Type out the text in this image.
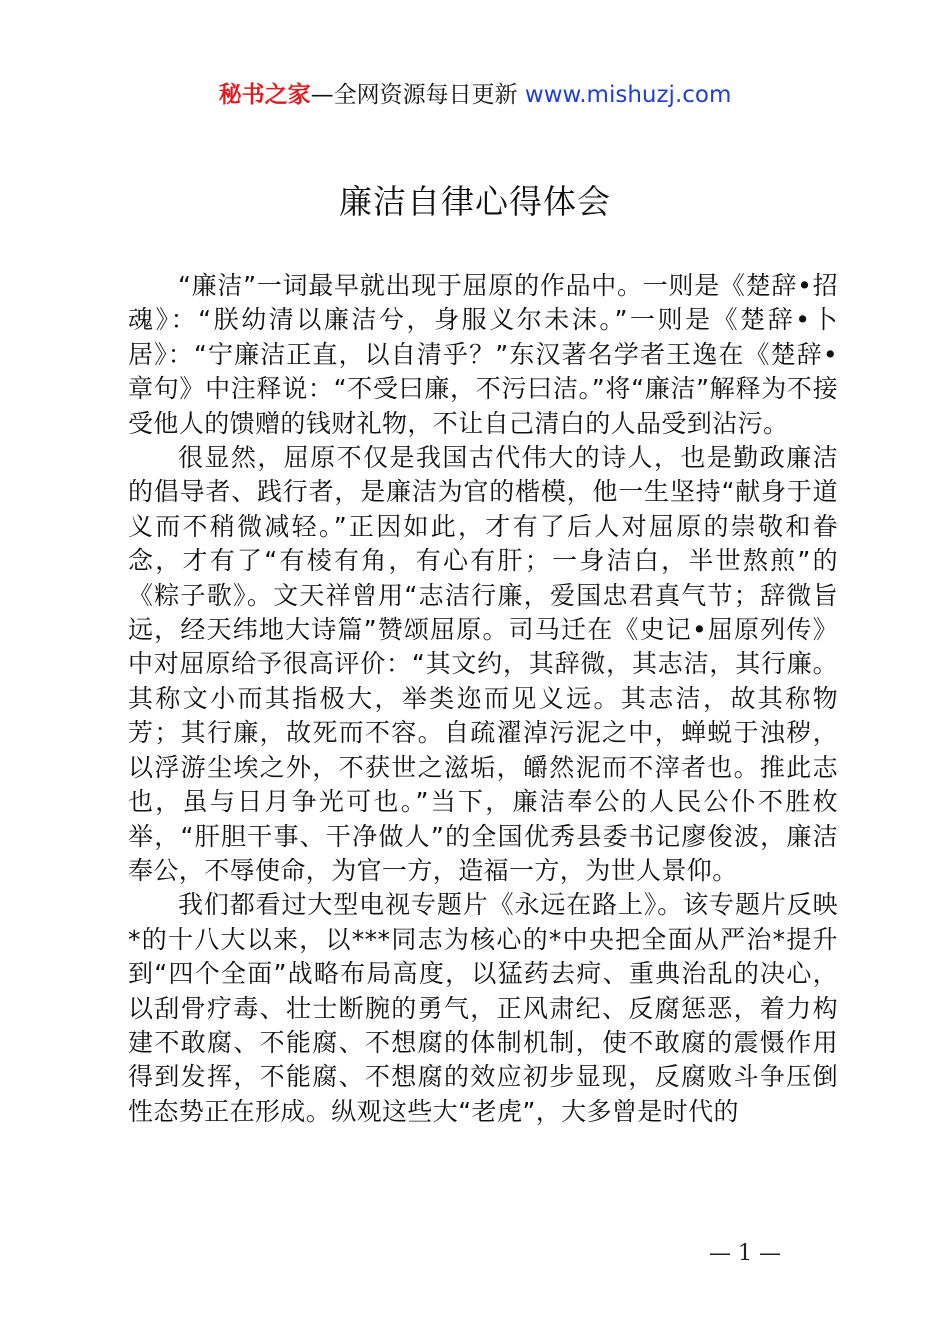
秘书之家—全网资源每日更新 www.mishuzj.com
廉洁自律心得体会

“廉洁”一词最早就出现于屈原的作品中。一则是《楚辞•招魂》：“朕幼清以廉洁兮，身服义尔未沫。”一则是《楚辞•卜居》：“宁廉洁正直，以自清乎？”东汉著名学者王逸在《楚辞•章句》中注释说：“不受曰廉，不污曰洁。”将“廉洁”解释为不接受他人的馈赠的钱财礼物，不让自己清白的人品受到沾污。

很显然，屈原不仅是我国古代伟大的诗人，也是勤政廉洁的倡导者、践行者，是廉洁为官的楷模，他一生坚持“献身于道义而不稍微减轻。”正因如此，才有了后人对屈原的崇敬和眷念，才有了“有棱有角，有心有肝；一身洁白，半世熬煎”的《粽子歌》。文天祥曾用“志洁行廉，爱国忠君真气节；辞微旨远，经天纬地大诗篇”赞颂屈原。司马迁在《史记•屈原列传》中对屈原给予很高评价：“其文约，其辞微，其志洁，其行廉。其称文小而其指极大，举类迩而见义远。其志洁，故其称物芳；其行廉，故死而不容。自疏濯淖污泥之中，蝉蜕于浊秽，以浮游尘埃之外，不获世之滋垢，皭然泥而不滓者也。推此志也，虽与日月争光可也。”当下，廉洁奉公的人民公仆不胜枚举，“肝胆干事、干净做人”的全国优秀县委书记廖俊波，廉洁奉公，不辱使命，为官一方，造福一方，为世人景仰。

我们都看过大型电视专题片《永远在路上》。该专题片反映*的十八大以来，以***同志为核心的*中央把全面从严治*提升到“四个全面”战略布局高度，以猛药去疴、重典治乱的决心，以刮骨疗毒、壮士断腕的勇气，正风肃纪、反腐惩恶，着力构建不敢腐、不能腐、不想腐的体制机制，使不敢腐的震慑作用得到发挥，不能腐、不想腐的效应初步显现，反腐败斗争压倒性态势正在形成。纵观这些大“老虎”，大多曾是时代的

— 1 —
